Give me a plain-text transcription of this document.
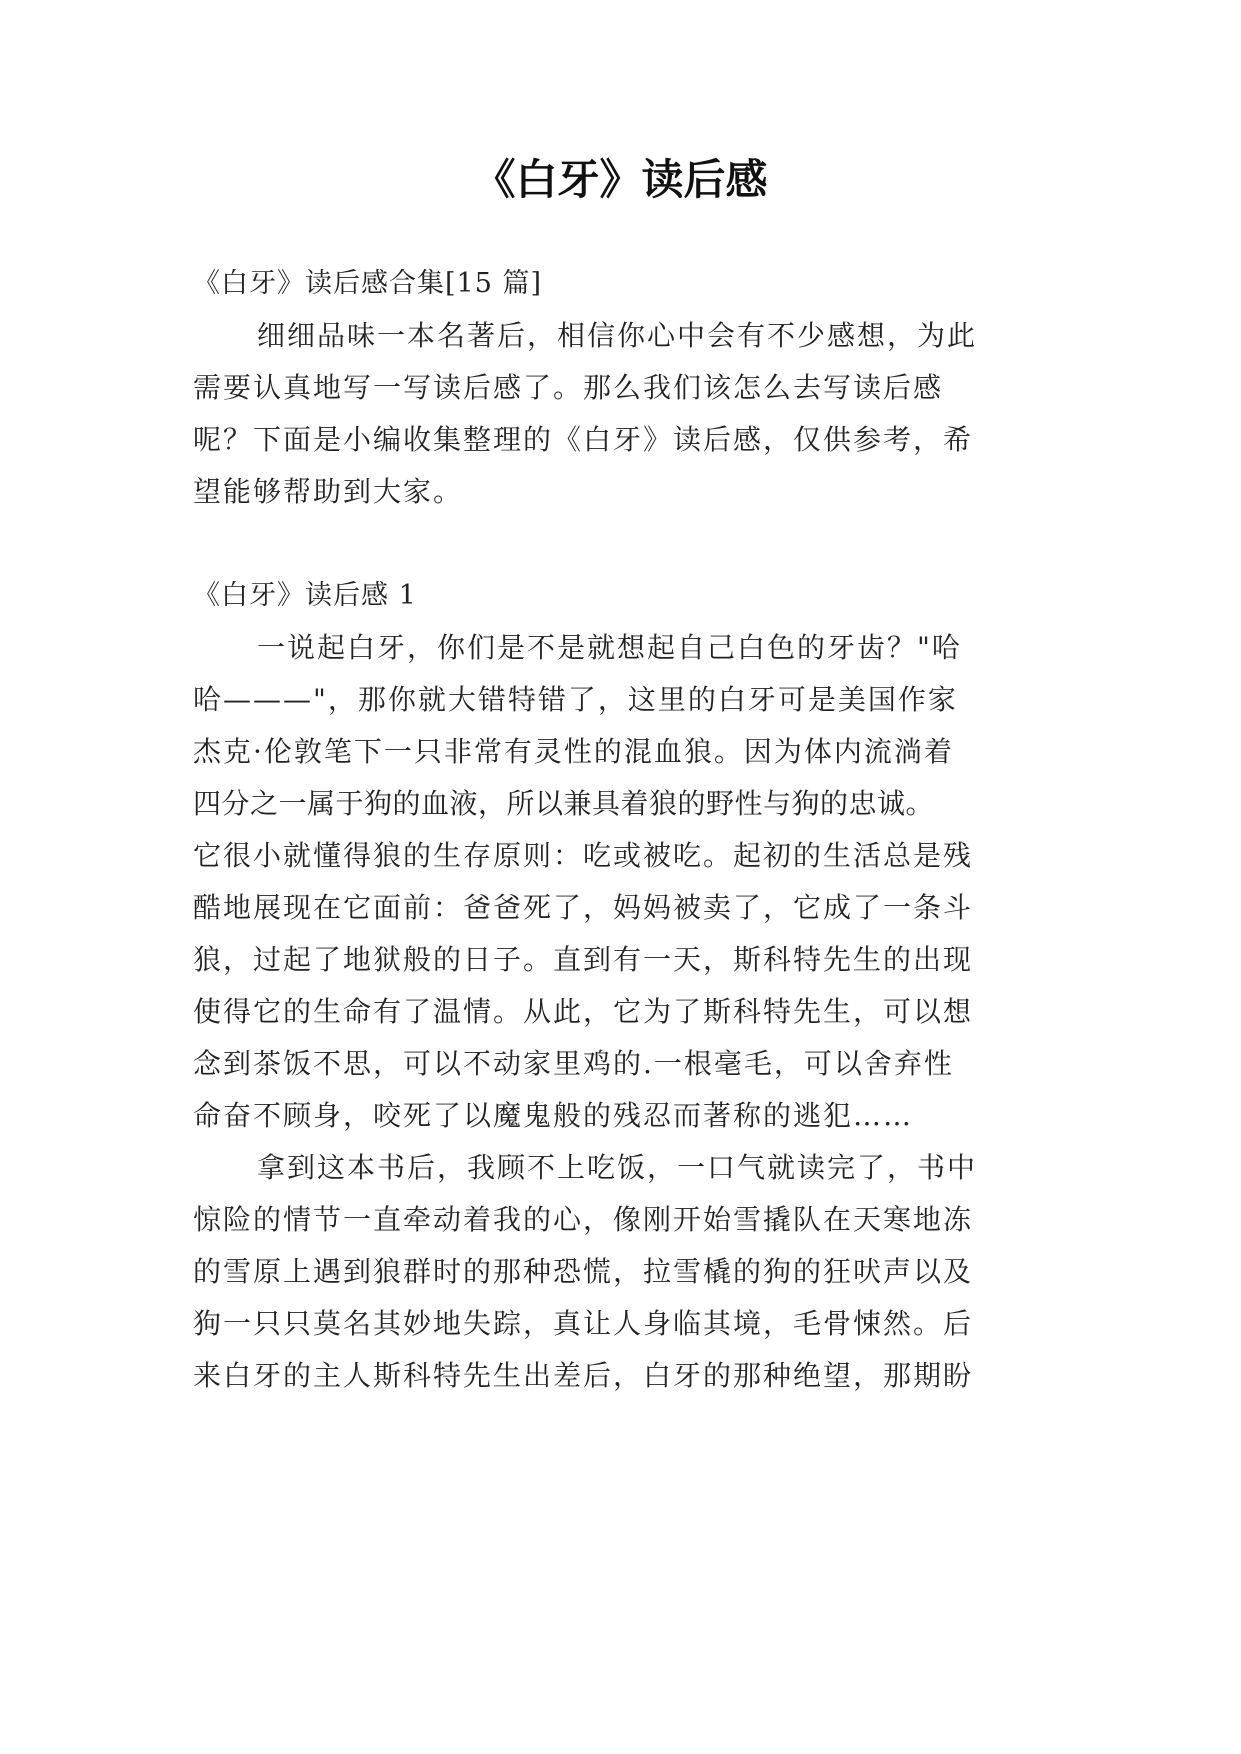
《白牙》读后感

《白牙》读后感合集[15 篇]

细细品味一本名著后，相信你心中会有不少感想，为此

需要认真地写一写读后感了。那么我们该怎么去写读后感

呢？下面是小编收集整理的《白牙》读后感，仅供参考，希

望能够帮助到大家。

《白牙》读后感 1

一说起白牙，你们是不是就想起自己白色的牙齿？"哈

哈———"，那你就大错特错了，这里的白牙可是美国作家

杰克·伦敦笔下一只非常有灵性的混血狼。因为体内流淌着

四分之一属于狗的血液，所以兼具着狼的野性与狗的忠诚。

它很小就懂得狼的生存原则：吃或被吃。起初的生活总是残

酷地展现在它面前：爸爸死了，妈妈被卖了，它成了一条斗

狼，过起了地狱般的日子。直到有一天，斯科特先生的出现

使得它的生命有了温情。从此，它为了斯科特先生，可以想

念到茶饭不思，可以不动家里鸡的.一根毫毛，可以舍弃性

命奋不顾身，咬死了以魔鬼般的残忍而著称的逃犯……

拿到这本书后，我顾不上吃饭，一口气就读完了，书中

惊险的情节一直牵动着我的心，像刚开始雪撬队在天寒地冻

的雪原上遇到狼群时的那种恐慌，拉雪橇的狗的狂吠声以及

狗一只只莫名其妙地失踪，真让人身临其境，毛骨悚然。后

来白牙的主人斯科特先生出差后，白牙的那种绝望，那期盼
